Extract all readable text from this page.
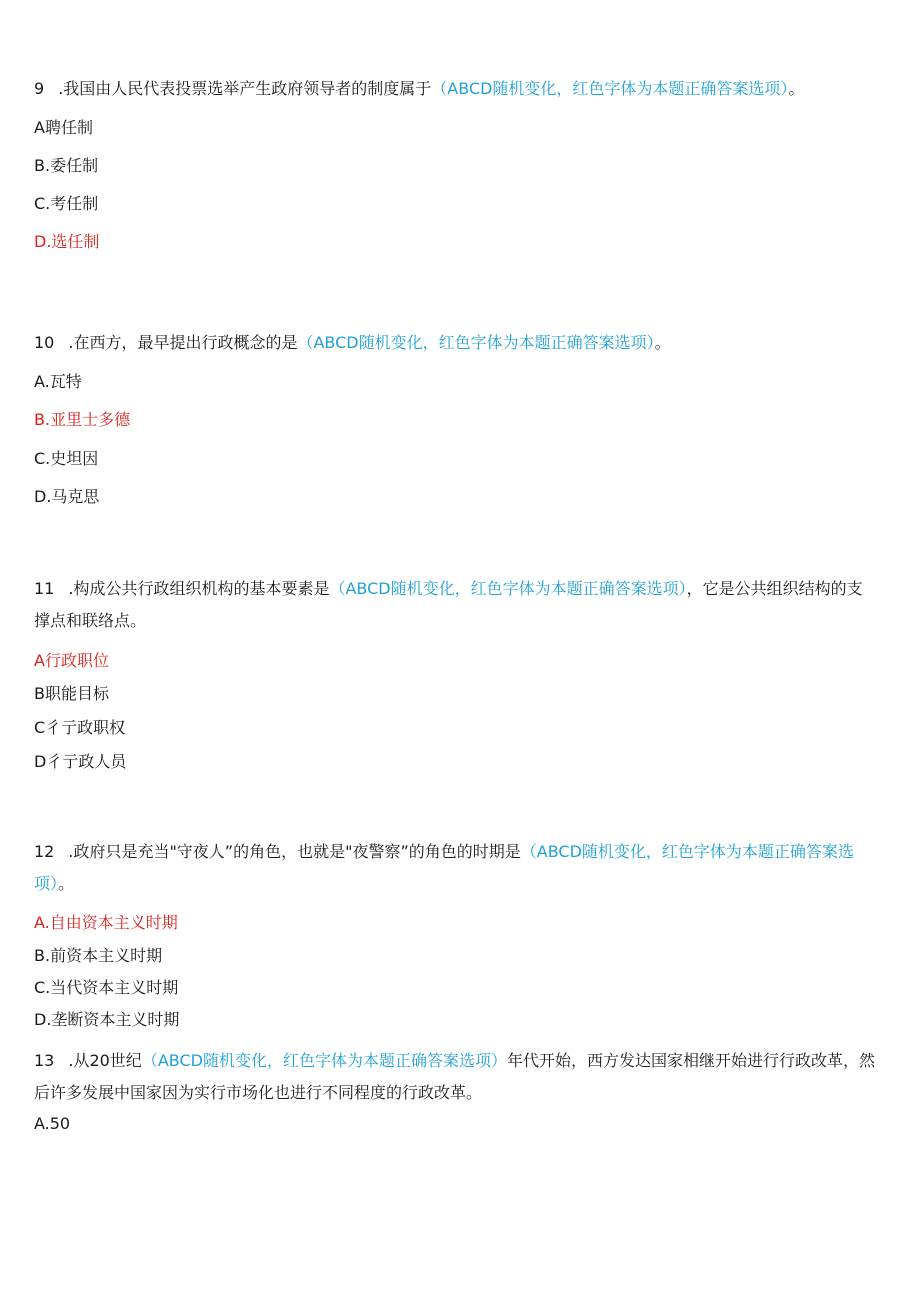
9 .我国由人民代表投票选举产生政府领导者的制度属于（ABCD随机变化，红色字体为本题正确答案选项）。
A聘任制
B.委任制
C.考任制
D.选任制
10 .在西方，最早提出行政概念的是（ABCD随机变化，红色字体为本题正确答案选项）。
A.瓦特
B.亚里士多德
C.史坦因
D.马克思
11 .构成公共行政组织机构的基本要素是（ABCD随机变化，红色字体为本题正确答案选项），它是公共组织结构的支撑点和联络点。
A行政职位
B职能目标
C彳亍政职权
D彳亍政人员
12 .政府只是充当"守夜人”的角色，也就是"夜警察”的角色的时期是（ABCD随机变化，红色字体为本题正确答案选项）。
A.自由资本主义时期
B.前资本主义时期
C.当代资本主义时期
D.垄断资本主义时期
13 .从20世纪（ABCD随机变化，红色字体为本题正确答案选项）年代开始，西方发达国家相继开始进行行政改革，然后许多发展中国家因为实行市场化也进行不同程度的行政改革。
A.50
